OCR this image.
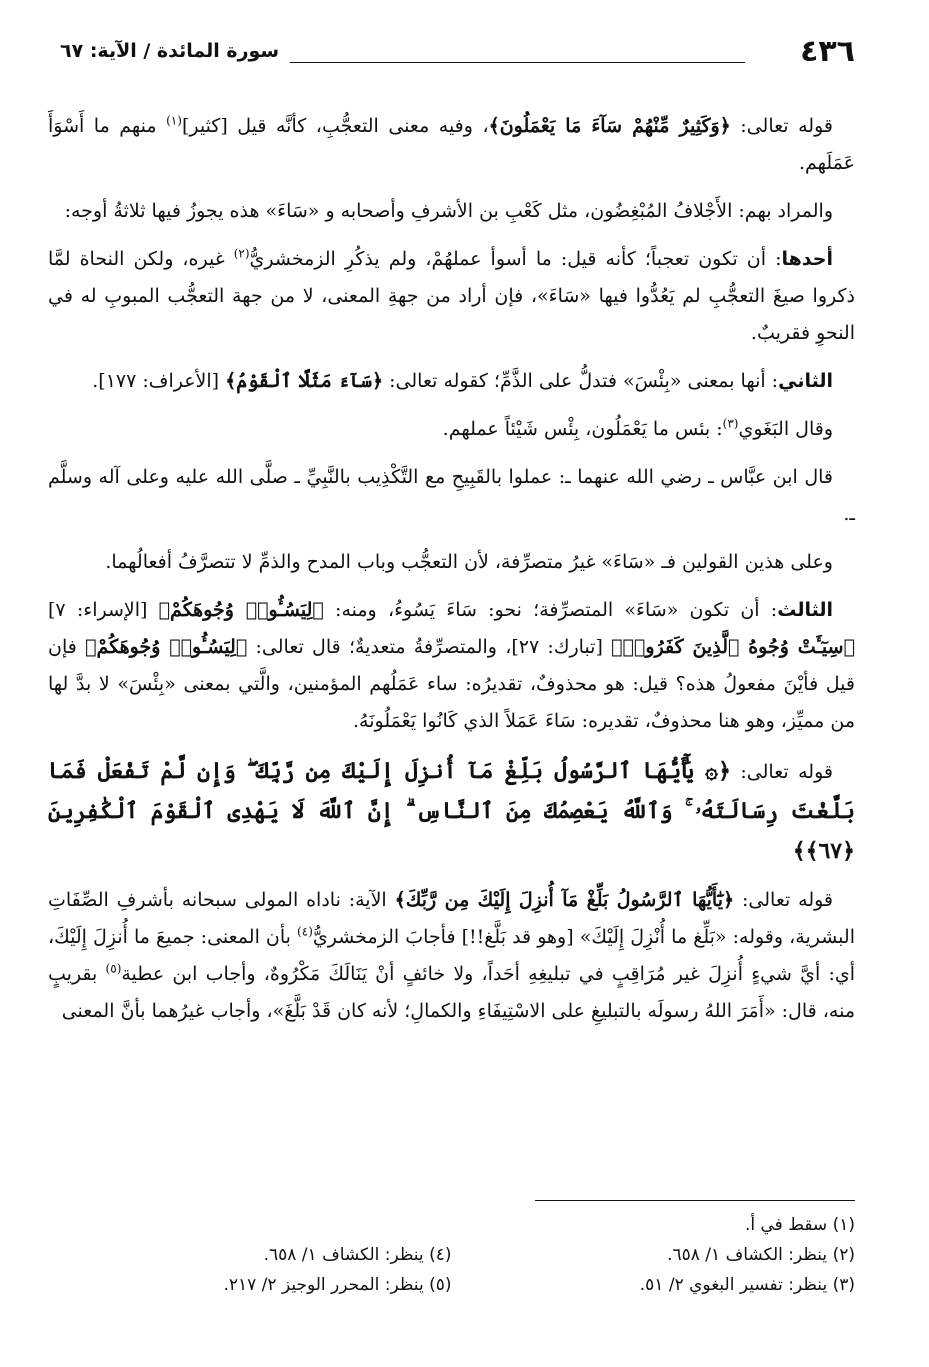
٤٣٦
سورة المائدة / الآية: ٦٧

قوله تعالى: ﴿وَكَثِيرٌ مِّنْهُمْ سَآءَ مَا يَعْمَلُونَ﴾، وفيه معنى التعجُّبِ، كأنَّه قيل [كثير]$^{(١)}$ منهم ما أَسْوَأَ عَمَلَهم.

والمراد بهم: الأَجْلافُ المُبْغِضُون، مثل كَعْبِ بن الأشرفِ وأصحابه و «سَاءَ» هذه يجوزُ فيها ثلاثةُ أوجه:

أحدها: أن تكون تعجباً؛ كأنه قيل: ما أسوأ عملهُمْ، ولم يذكُرِ الزمخشريُّ$^{(٢)}$ غيره، ولكن النحاة لمَّا ذكروا صيغَ التعجُّبِ لم يَعُدُّوا فيها «سَاءَ»، فإن أراد من جهةِ المعنى، لا من جهة التعجُّب المبوبِ له في النحوِ فقريبٌ.

الثاني: أنها بمعنى «بِئْسَ» فتدلُّ على الذَّمِّ؛ كقوله تعالى: ﴿سَآءَ مَثَلًا ٱلْقَوْمُ﴾ [الأعراف: ١٧٧].

وقال البَغَوي$^{(٣)}$: بئس ما يَعْمَلُون، بِئْس شَيْئاً عملهم.

قال ابن عبَّاس ـ رضي الله عنهما ـ: عملوا بالقَبِيحِ مع التَّكْذِيب بالنَّبِيِّ ـ صلَّى الله عليه وعلى آله وسلَّم ـ.

وعلى هذين القولين فـ «سَاءَ» غيرُ متصرِّفة، لأن التعجُّب وباب المدح والذمِّ لا تتصرَّفُ أفعالُهما.

الثالث: أن تكون «سَاءَ» المتصرِّفة؛ نحو: سَاءَ يَسُوءُ، ومنه: ﴿لِيَسُـُٔوا۟ وُجُوهَكُمْ﴾ [الإسراء: ٧] ﴿سِيٓـَٔتْ وُجُوهُ ٱلَّذِينَ كَفَرُوا۟﴾ [تبارك: ٢٧]، والمتصرِّفةُ متعديةٌ؛ قال تعالى: ﴿لِيَسُـُٔوا۟ وُجُوهَكُمْ﴾ فإن قيل فأيْنَ مفعولُ هذه؟ قيل: هو محذوفٌ، تقديرُه: ساء عَمَلُهم المؤمنين، والَّتي بمعنى «بِئْسَ» لا بدَّ لها من مميِّز، وهو هنا محذوفٌ، تقديره: سَاءَ عَمَلاً الذي كَانُوا يَعْمَلُونَهُ.

قوله تعالى: ﴿۞ يَٰٓأَيُّهَا ٱلرَّسُولُ بَلِّغْ مَآ أُنزِلَ إِلَيْكَ مِن رَّبِّكَ ۖ وَإِن لَّمْ تَفْعَلْ فَمَا بَلَّغْتَ رِسَالَتَهُۥ ۚ وَٱللَّهُ يَعْصِمُكَ مِنَ ٱلنَّاسِ ۗ إِنَّ ٱللَّهَ لَا يَهْدِى ٱلْقَوْمَ ٱلْكَٰفِرِينَ ﴿٦٧﴾﴾

قوله تعالى: ﴿يَٰٓأَيُّهَا ٱلرَّسُولُ بَلِّغْ مَآ أُنزِلَ إِلَيْكَ مِن رَّبِّكَ﴾ الآية: ناداه المولى سبحانه بأشرفِ الصِّفَاتِ البشرية، وقوله: «بَلِّغ ما أُنْزِلَ إِلَيْكَ» [وهو قد بَلَّغ!!] فأجابَ الزمخشريُّ$^{(٤)}$ بأن المعنى: جميعَ ما أُنزِلَ إِلَيْكَ، أي: أيَّ شيءٍ أُنزِلَ غير مُرَاقِبٍ في تبليغِهِ أحَداً، ولا خائفٍ أنْ يَنَالَكَ مَكْرُوهٌ، وأجاب ابن عطية$^{(٥)}$ بقريبٍ منه، قال: «أَمَرَ اللهُ رسولَه بالتبليغِ على الاسْتِيفَاءِ والكمالِ؛ لأنه كان قَدْ بَلَّغَ»، وأجاب غيرُهما بأنَّ المعنى

(١) سقط في أ.
(٢) ينظر: الكشاف ١/ ٦٥٨.
(٤) ينظر: الكشاف ١/ ٦٥٨.
(٣) ينظر: تفسير البغوي ٢/ ٥١.
(٥) ينظر: المحرر الوجيز ٢/ ٢١٧.
